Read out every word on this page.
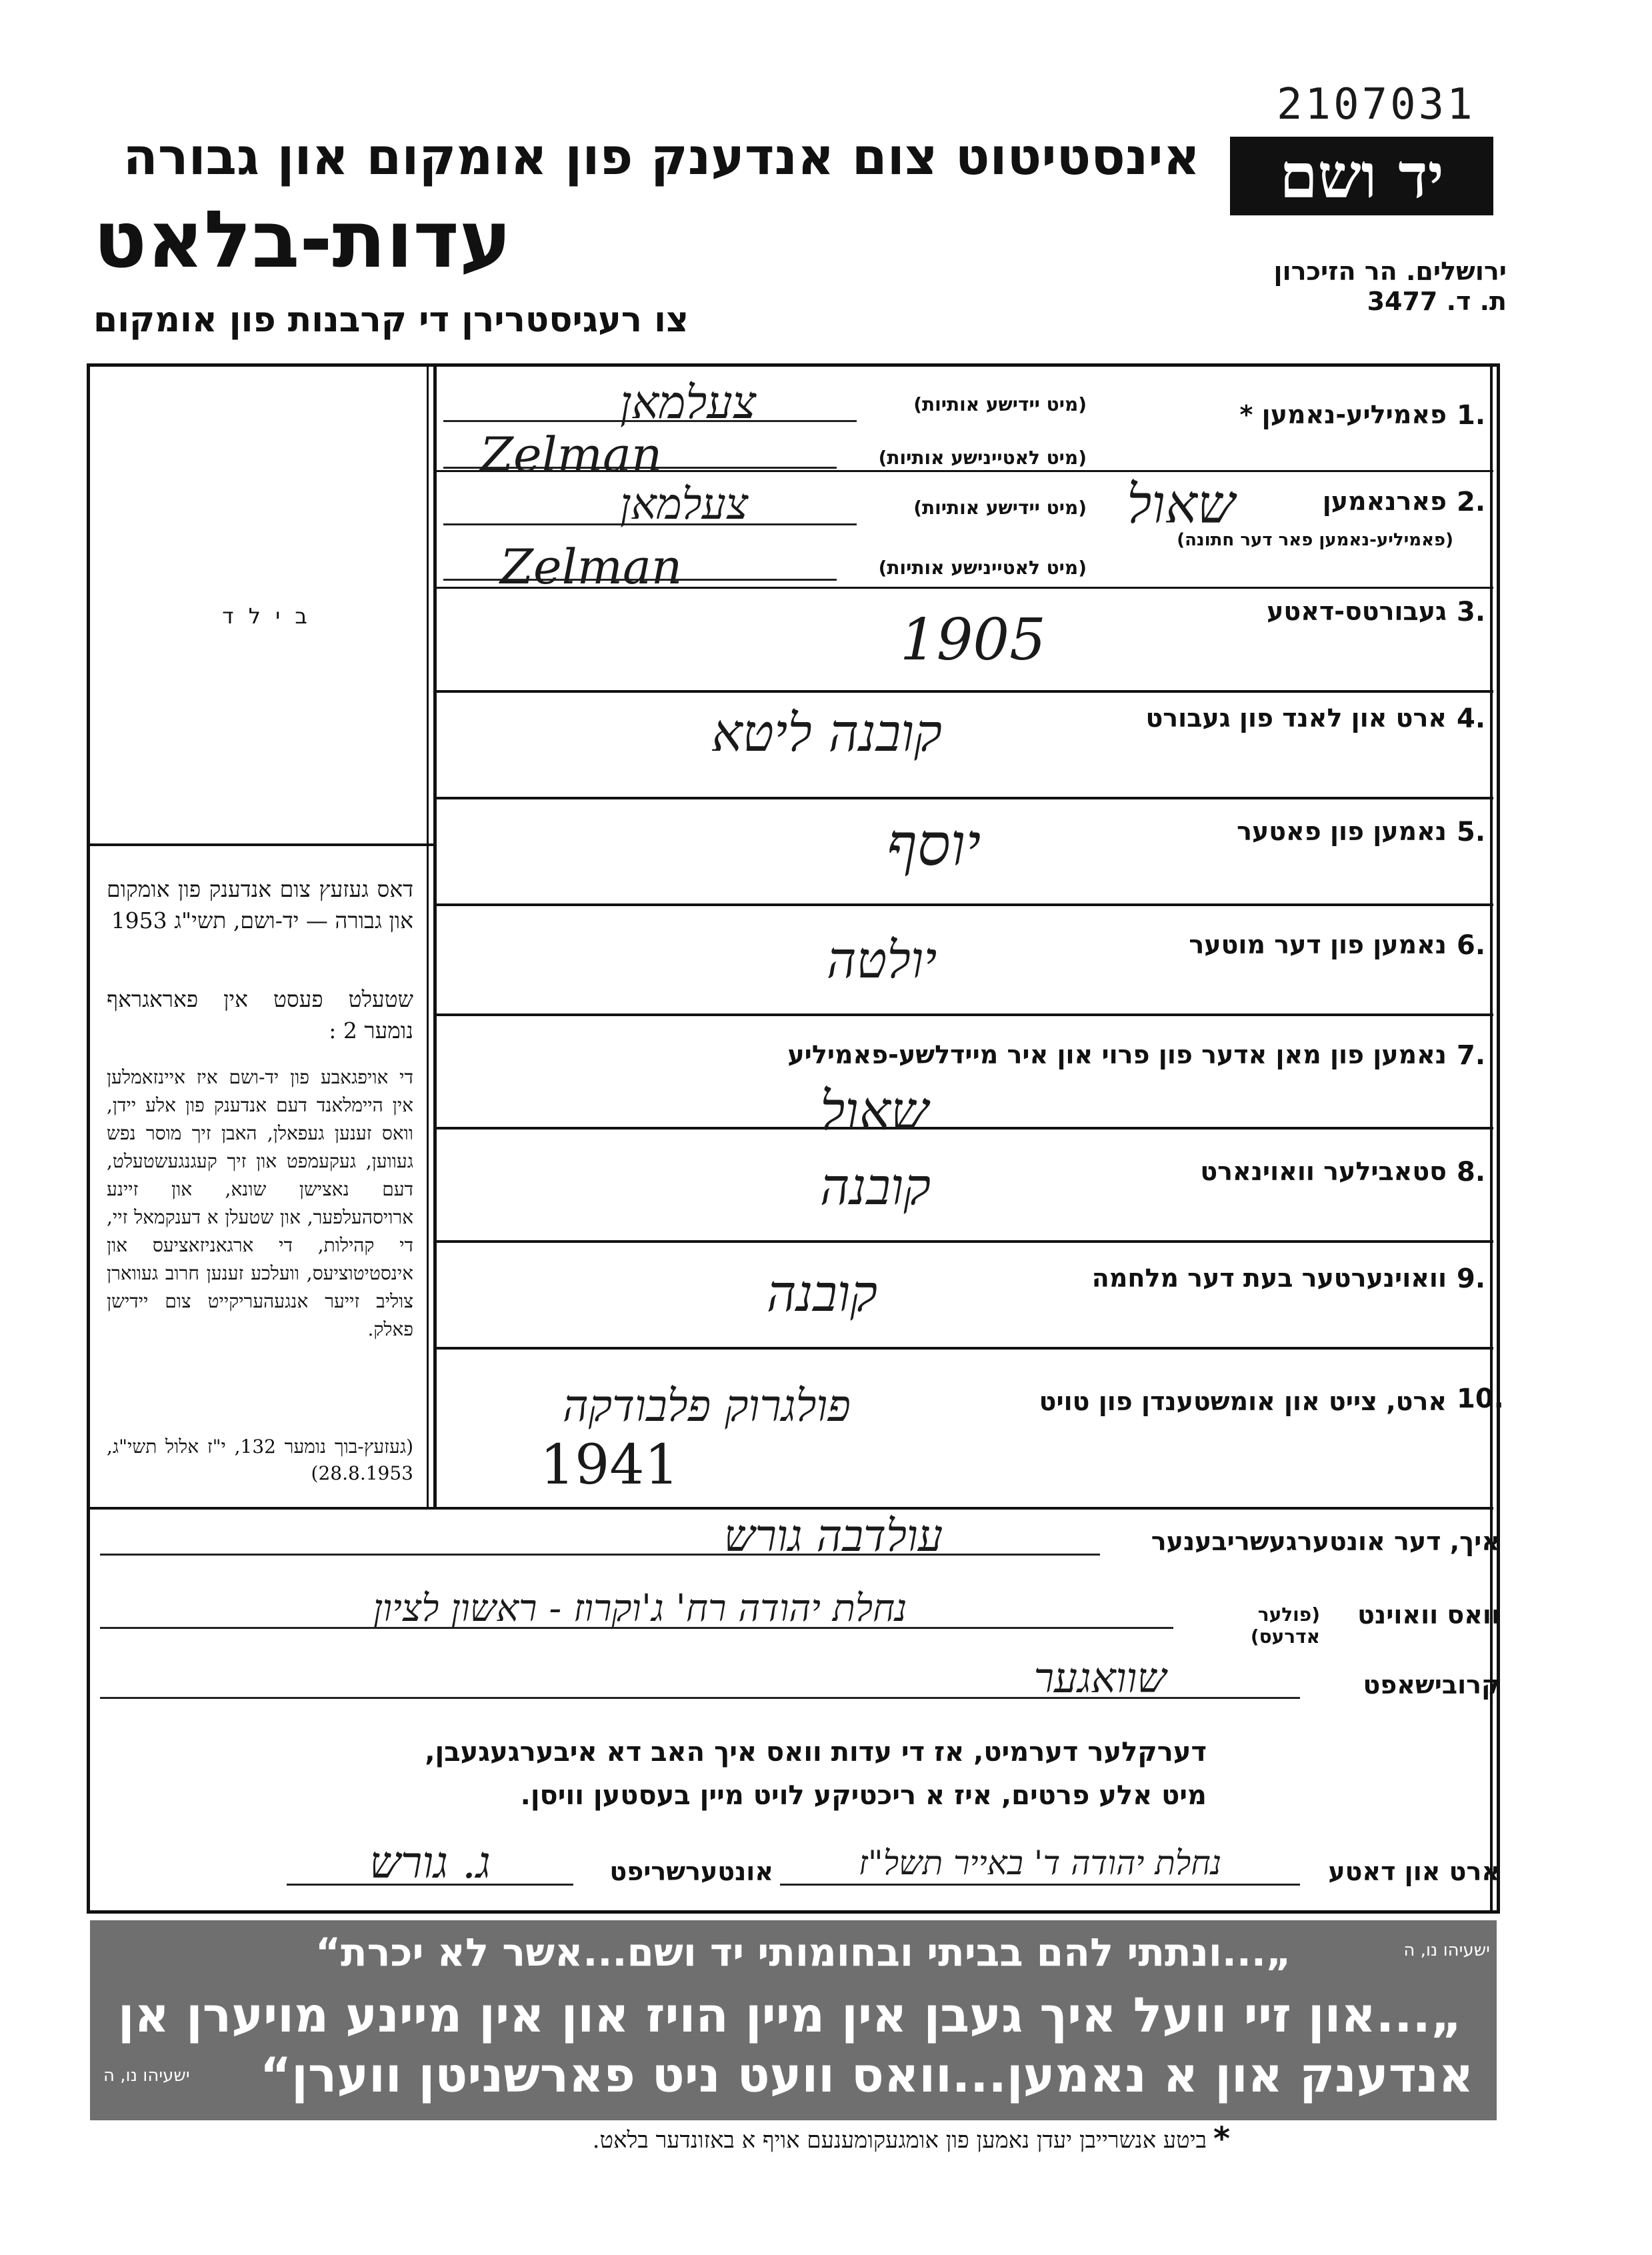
2107031
יד ושם
אינסטיטוט צום אנדענק פון אומקום און גבורה
עדות-בלאט
צו רעגיסטרירן די קרבנות פון אומקום
ירושלים. הר הזיכרון
ת. ד. 3477
ב י ל ד
דאס געזעץ צום אנדענק פון אומקום און גבורה — יד-ושם, תשי"ג 1953
שטעלט פעסט אין פאראגראף נומער 2 :
די אויפגאבע פון יד-ושם איז איינזאמלען אין היימלאנד דעם אנדענק פון אלע יידן, וואס זענען געפאלן, האבן זיך מוסר נפש געווען, געקעמפט און זיך קעגנגעשטעלט, דעם נאצישן שונא, און זיינע ארויסהעלפער, און שטעלן א דענקמאל זיי, די קהילות, די ארגאניזאציעס און אינסטיטוציעס, וועלכע זענען חרוב געווארן צוליב זייער אנגעהעריקייט צום יידישן פאלק.
(געזעץ-בוך נומער 132, י"ז אלול תשי"ג, 28.8.1953)
1.
פאמיליע-נאמען *
(מיט יידישע אותיות)
(מיט לאטיינישע אותיות)
צעלמאן
Zelman
2.
פארנאמען
שאול
(פאמיליע-נאמען פאר דער חתונה)
(מיט יידישע אותיות)
(מיט לאטיינישע אותיות)
צעלמאן
Zelman
3.
געבורטס-דאטע
1905
4.
ארט און לאנד פון געבורט
קובנה ליטא
5.
נאמען פון פאטער
יוסף
6.
נאמען פון דער מוטער
יולטה
7.
נאמען פון מאן אדער פון פרוי און איר מיידלשע-פאמיליע
שאול
8.
סטאבילער וואוינארט
קובנה
9.
וואוינערטער בעת דער מלחמה
קובנה
10.
ארט, צייט און אומשטענדן פון טויט
פולגרוק פלבודקה
1941
איך, דער אונטערגעשריבענער
עולדבה גורש
וואס וואוינט
(פולער אדרעס)
נחלת יהודה רח' ג'וקרוז - ראשון לציון
קרובישאפט
שוואגער
דערקלער דערמיט, אז די עדות וואס איך האב דא איבערגעגעבן,
מיט אלע פרטים, איז א ריכטיקע לויט מיין בעסטען וויסן.
ארט און דאטע
נחלת יהודה ד' באייר תשל"ז
אונטערשריפט
ג. גורש
„...ונתתי להם בביתי ובחומותי יד ושם...אשר לא יכרת“	ישעיהו נו, ה
„...און זיי וועל איך געבן אין מיין הויז און אין מיינע מויערן אן
אנדענק און א נאמען...וואס וועט ניט פארשניטן ווערן“
ישעיהו נו, ה
*
ביטע אנשרייבן יעדן נאמען פון אומגעקומענעם אויף א באזונדער בלאט.
